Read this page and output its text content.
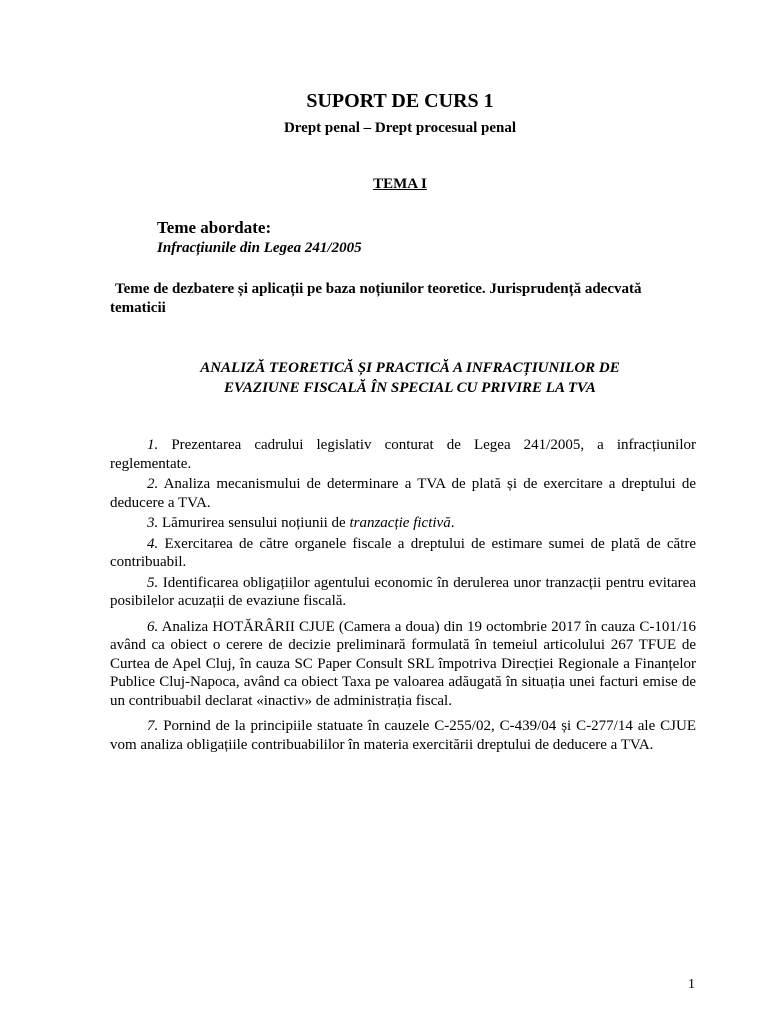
SUPORT DE CURS 1
Drept penal – Drept procesual penal
TEMA I
Teme abordate:
Infracțiunile din Legea 241/2005
Teme de dezbatere și aplicații pe baza noțiunilor teoretice. Jurisprudență adecvată tematicii
ANALIZĂ TEORETICĂ ȘI PRACTICĂ A INFRACȚIUNILOR DE
EVAZIUNE FISCALĂ ÎN SPECIAL CU PRIVIRE LA TVA

1. Prezentarea cadrului legislativ conturat de Legea 241/2005, a infracțiunilor reglementate.

2. Analiza mecanismului de determinare a TVA de plată și de exercitare a dreptului de deducere a TVA.

3. Lămurirea sensului noțiunii de tranzacție fictivă.

4. Exercitarea de către organele fiscale a dreptului de estimare sumei de plată de către contribuabil.

5. Identificarea obligațiilor agentului economic în derulerea unor tranzacții pentru evitarea posibilelor acuzații de evaziune fiscală.

6. Analiza HOTĂRÂRII CJUE (Camera a doua) din 19 octombrie 2017 în cauza C-101/16 având ca obiect o cerere de decizie preliminară formulată în temeiul articolului 267 TFUE de Curtea de Apel Cluj, în cauza SC Paper Consult SRL împotriva Direcției Regionale a Finanțelor Publice Cluj-Napoca, având ca obiect Taxa pe valoarea adăugată în situația unei facturi emise de un contribuabil declarat «inactiv» de administrația fiscal.

7. Pornind de la principiile statuate în cauzele C-255/02, C-439/04 și C-277/14 ale CJUE vom analiza obligațiile contribuabililor în materia exercitării dreptului de deducere a TVA.

1
